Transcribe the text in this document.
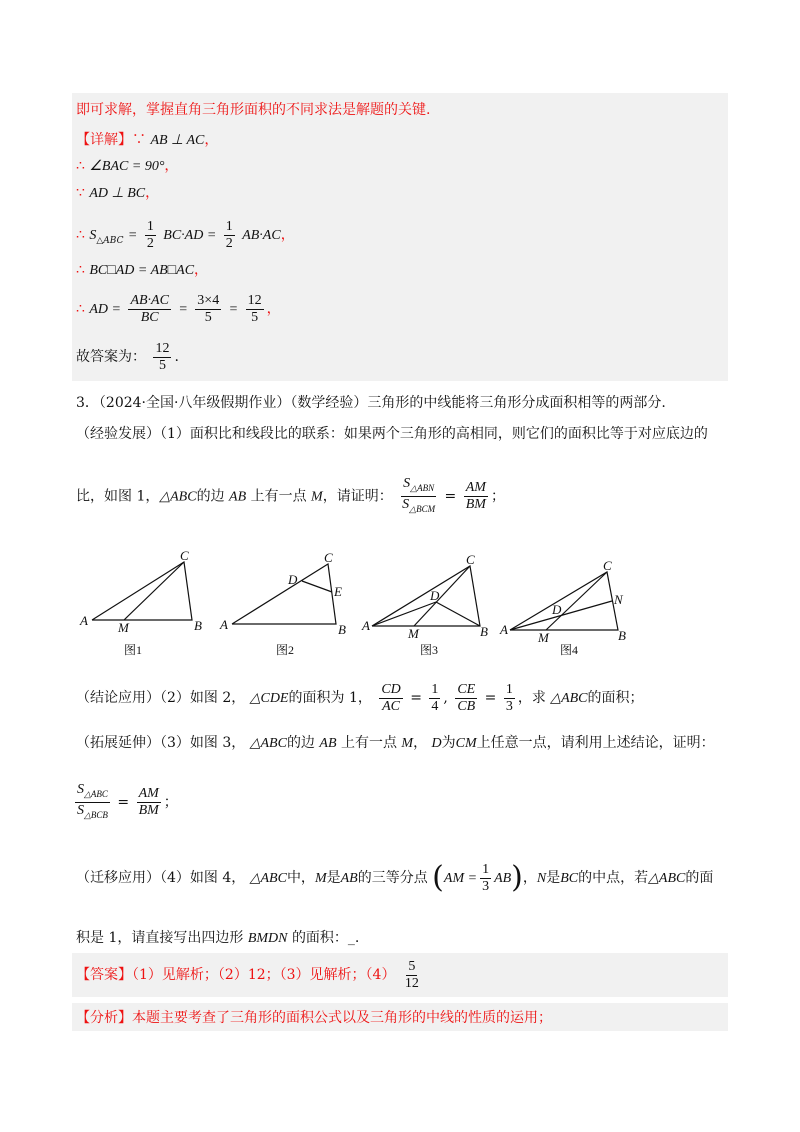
即可求解，掌握直角三角形面积的不同求法是解题的关键.
【详解】∵ AB ⊥ AC，
∴ ∠BAC = 90°，
∵ AD ⊥ BC，
∴ $S_{\triangle ABC} = \frac{1}{2} BC\cdot AD = \frac{1}{2} AB\cdot AC$，
∴ BC□AD = AB□AC，
∴ AD = $\frac{AB\cdot AC}{BC} = \frac{3\times 4}{5} = \frac{12}{5}$ ，
故答案为： $\frac{12}{5}$ .
3．（2024·全国·八年级假期作业）（数学经验）三角形的中线能将三角形分成面积相等的两部分.
（经验发展）（1）面积比和线段比的联系：如果两个三角形的高相同，则它们的面积比等于对应底边的
比，如图 1，△ABC的边 AB 上有一点 M，请证明： $\frac{S_{\triangle ABN}}{S_{\triangle BCM}} = \frac{AM}{BM}$ ；
A	B
C
M	A	B
C
D
E
A	B
C
D
M	A	B
C
D
M
N
图1	图2	图3	图4
（结论应用）（2）如图 2， △CDE的面积为 1， $\frac{CD}{AC} = \frac{1}{4}$ , $\frac{CE}{CB} = \frac{1}{3}$ ，求 △ABC的面积；
（拓展延伸）（3）如图 3， △ABC的边 AB 上有一点 M， D为CM上任意一点，请利用上述结论，证明：
$\frac{S_{\triangle ABC}}{S_{\triangle BCB}} = \frac{AM}{BM}$ ；
（迁移应用）（4）如图 4， △ABC中，M是AB的三等分点 $(AM = \frac{1}{3} AB)$，N是BC的中点，若△ABC的面
积是 1，请直接写出四边形 BMDN 的面积：_.
【答案】（1）见解析；（2）12；（3）见解析；$(4) \frac{5}{12}$
【分析】本题主要考查了三角形的面积公式以及三角形的中线的性质的运用；
